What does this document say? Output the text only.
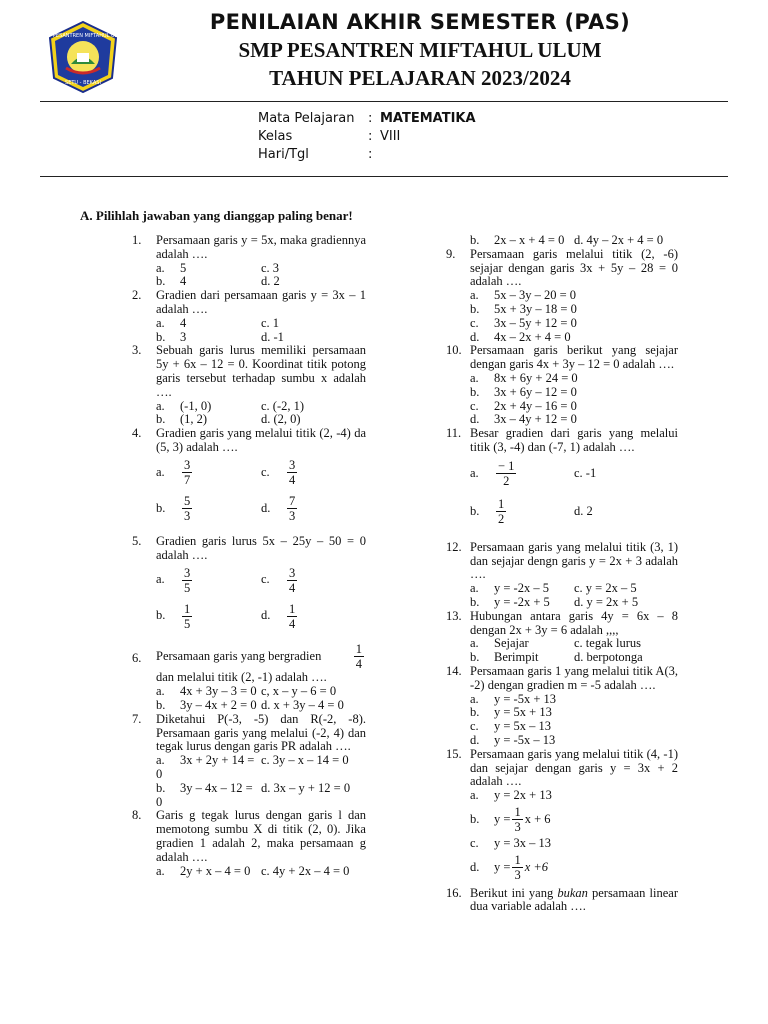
SMP PESANTREN MIFTAHUL ULUM
SETU - BEKASI
PENILAIAN AKHIR SEMESTER (PAS)
SMP PESANTREN MIFTAHUL ULUM
TAHUN PELAJARAN 2023/2024
Mata Pelajaran	: MATEMATIKA
Kelas	: VIII
Hari/Tgl	:
A. Pilihlah jawaban yang dianggap paling benar!
1. Persamaan garis y = 5x, maka gradiennya adalah ….
a. 5	c. 3
b. 4	d. 2
2. Gradien dari persamaan garis y = 3x – 1 adalah ….
a. 4	c. 1
b. 3	d. -1
3. Sebuah garis lurus memiliki persamaan 5y + 6x – 12 = 0. Koordinat titik potong garis tersebut terhadap sumbu x adalah ….
a. (-1, 0)	c. (-2, 1)
b. (1, 2)	d. (2, 0)
4. Gradien garis yang melalui titik (2, -4) da (5, 3) adalah ….
a.	$\frac{3}{7}$	c.	$\frac{3}{4}$
b.	$\frac{5}{3}$	d.	$\frac{7}{3}$
5. Gradien garis lurus 5x – 25y – 50 = 0 adalah ….
a.	$\frac{3}{5}$	c.	$\frac{3}{4}$
b.	$\frac{1}{5}$	d.	$\frac{1}{4}$
6. Persamaan garis yang bergradien	$\frac{1}{4}$
dan melalui titik (2, -1) adalah ….
a. 4x + 3y – 3 = 0 c, x – y – 6 = 0
b. 3y – 4x + 2 = 0 d. x + 3y – 4 = 0
7. Diketahui P(-3, -5) dan R(-2, -8). Persamaan garis yang melalui (-2, 4) dan tegak lurus dengan garis PR adalah ….
a. 3x + 2y + 14 = 0
c. 3y – x – 14 = 0
b. 3y – 4x – 12 = 0
d. 3x – y + 12 = 0
8. Garis g tegak lurus dengan garis l dan memotong sumbu X di titik (2, 0). Jika gradien 1 adalah 2, maka persamaan g adalah ….
a. 2y + x – 4 = 0 c. 4y + 2x – 4 = 0
b. 2x – x + 4 = 0 d. 4y – 2x + 4 = 0
9. Persamaan garis melalui titik (2, -6) sejajar dengan garis 3x + 5y – 28 = 0 adalah ….
a. 5x – 3y – 20 = 0
b. 5x + 3y – 18 = 0
c. 3x – 5y + 12 = 0
d. 4x – 2x + 4 = 0
10. Persamaan garis berikut yang sejajar dengan garis 4x + 3y – 12 = 0 adalah ….
a. 8x + 6y + 24 = 0
b. 3x + 6y – 12 = 0
c. 2x + 4y – 16 = 0
d. 3x – 4y + 12 = 0
11. Besar gradien dari garis yang melalui titik (3, -4) dan (-7, 1) adalah ….
a.	$\frac{- 1}{2}$	c. -1
b.	$\frac{1}{2}$	d. 2
12. Persamaan garis yang melalui titik (3, 1) dan sejajar dengn garis y = 2x + 3 adalah ….
a. y = -2x – 5	c. y = 2x – 5
b. y = -2x + 5	d. y = 2x + 5
13. Hubungan antara garis 4y = 6x – 8 dengan 2x + 3y = 6 adalah ,,,,
a. Sejajar	c. tegak lurus
b. Berimpit	d. berpotonga
14. Persamaan garis 1 yang melalui titik A(3, -2) dengan gradien m = -5 adalah ….
a. y = -5x + 13
b. y = 5x + 13
c. y = 5x – 13
d. y = -5x – 13
15. Persamaan garis yang melalui titik (4, -1) dan sejajar dengan garis y = 3x + 2 adalah ….
a. y = 2x + 13
b.	$y = \frac{1}{3}$ x + 6
c. y = 3x – 13
d.	$y = \frac{1}{3}$ x +6
16. Berikut ini yang bukan persamaan linear dua variable adalah ….
